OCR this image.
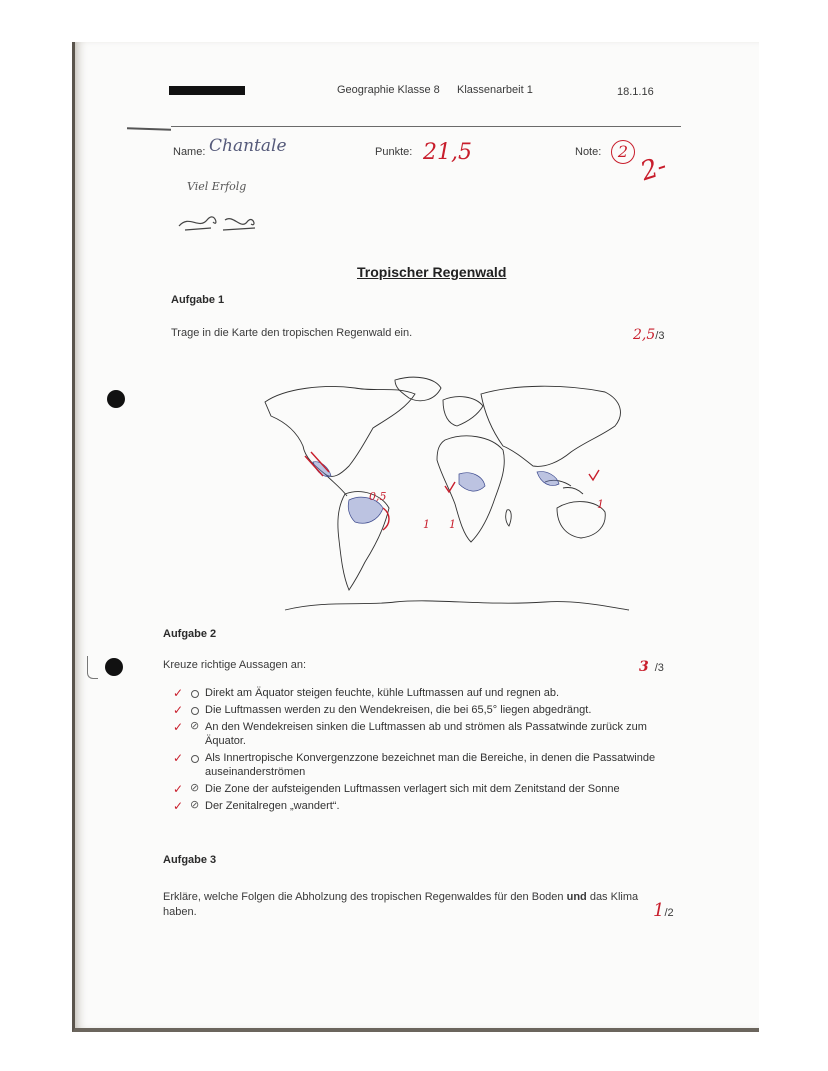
Geographie Klasse 8 Klassenarbeit 1	18.1.16
Name: Chantale	Punkte: 21,5	Note:	2 2-
Viel Erfolg
Tropischer Regenwald
Aufgabe 1
Trage in die Karte den tropischen Regenwald ein.	2,5/3
0,5
1 1
1
Aufgabe 2
Kreuze richtige Aussagen an:	3 /3
✓ Direkt am Äquator steigen feuchte, kühle Luftmassen auf und regnen ab.
✓ Die Luftmassen werden zu den Wendekreisen, die bei 65,5° liegen abgedrängt.
✓ ⊘ An den Wendekreisen sinken die Luftmassen ab und strömen als Passatwinde zurück zum Äquator.
✓ Als Innertropische Konvergenzzone bezeichnet man die Bereiche, in denen die Passatwinde auseinanderströmen
✓ ⊘ Die Zone der aufsteigenden Luftmassen verlagert sich mit dem Zenitstand der Sonne
✓ ⊘ Der Zenitalregen „wandert“.
Aufgabe 3
Erkläre, welche Folgen die Abholzung des tropischen Regenwaldes für den Boden und das Klima haben.	1/2
